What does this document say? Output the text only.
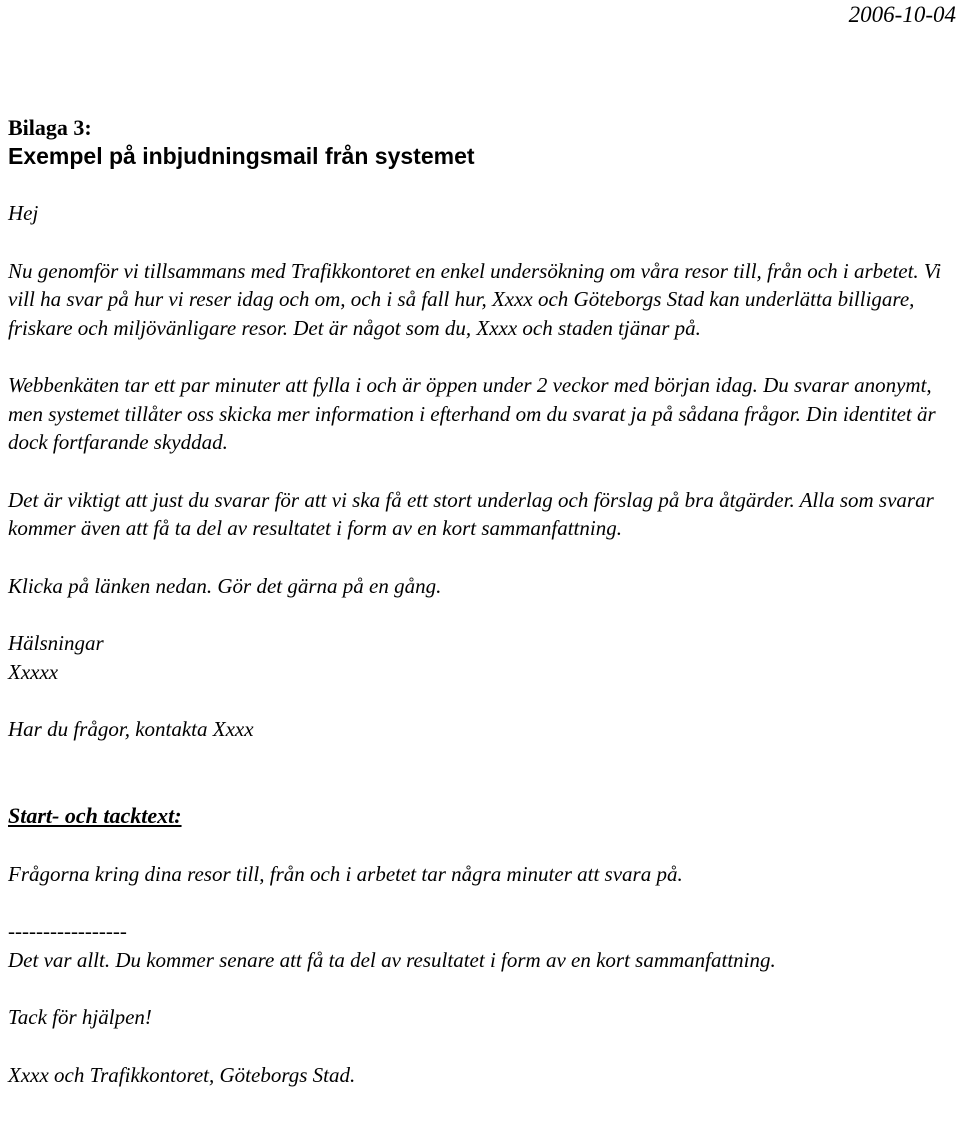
2006-10-04

Bilaga 3:

Exempel på inbjudningsmail från systemet

Hej

Nu genomför vi tillsammans med Trafikkontoret en enkel undersökning om våra resor till, från och i arbetet. Vi vill ha svar på hur vi reser idag och om, och i så fall hur, Xxxx och Göteborgs Stad kan underlätta billigare, friskare och miljövänligare resor. Det är något som du, Xxxx och staden tjänar på.

Webbenkäten tar ett par minuter att fylla i och är öppen under 2 veckor med början idag. Du svarar anonymt, men systemet tillåter oss skicka mer information i efterhand om du svarat ja på sådana frågor. Din identitet är dock fortfarande skyddad.

Det är viktigt att just du svarar för att vi ska få ett stort underlag och förslag på bra åtgärder. Alla som svarar kommer även att få ta del av resultatet i form av en kort sammanfattning.

Klicka på länken nedan. Gör det gärna på en gång.

Hälsningar

Xxxxx

Har du frågor, kontakta Xxxx

Start- och tacktext:

Frågorna kring dina resor till, från och i arbetet tar några minuter att svara på.

-----------------

Det var allt. Du kommer senare att få ta del av resultatet i form av en kort sammanfattning.

Tack för hjälpen!

Xxxx och Trafikkontoret, Göteborgs Stad.
